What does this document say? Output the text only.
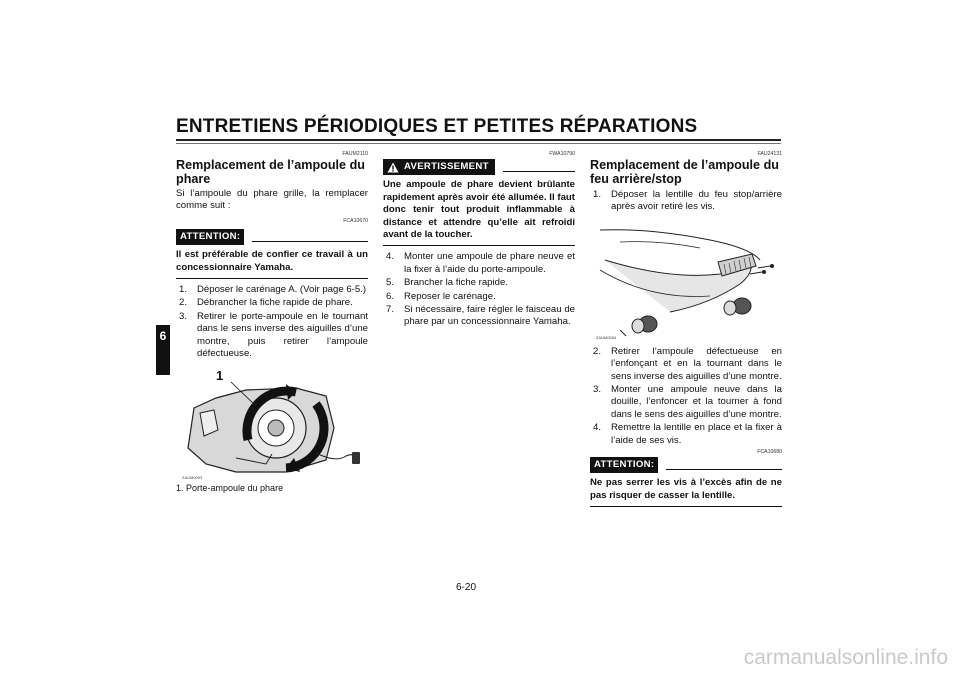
ENTRETIENS PÉRIODIQUES ET PETITES RÉPARATIONS
6
FAUM2110
Remplacement de l’ampoule du phare
Si l’ampoule du phare grille, la remplacer comme suit :
FCA10670
ATTENTION:
Il est préférable de confier ce travail à un concessionnaire Yamaha.
1.	Déposer le carénage A. (Voir page 6-5.)
2.	Débrancher la fiche rapide de phare.
3.	Retirer le porte-ampoule en le tournant dans le sens inverse des aiguilles d’une montre, puis retirer l’ampoule défectueuse.
1
ZAUM0093
1. Porte-ampoule du phare
FWA10790
AVERTISSEMENT
Une ampoule de phare devient brûlante rapidement après avoir été allumée. Il faut donc tenir tout produit inflammable à distance et attendre qu’elle ait refroidi avant de la toucher.
4.	Monter une ampoule de phare neuve et la fixer à l’aide du porte-ampoule.
5.	Brancher la fiche rapide.
6.	Reposer le carénage.
7.	Si nécessaire, faire régler le faisceau de phare par un concessionnaire Yamaha.
FAU24131
Remplacement de l’ampoule du feu arrière/stop
1.	Déposer la lentille du feu stop/arrière après avoir retiré les vis.
ZAUM0094
2.	Retirer l’ampoule défectueuse en l’enfonçant et en la tournant dans le sens inverse des aiguilles d’une montre.
3.	Monter une ampoule neuve dans la douille, l’enfoncer et la tourner à fond dans le sens des aiguilles d’une montre.
4.	Remettre la lentille en place et la fixer à l’aide de ses vis.
FCA10680
ATTENTION:
Ne pas serrer les vis à l’excès afin de ne pas risquer de casser la lentille.
6-20
carmanualsonline.info
